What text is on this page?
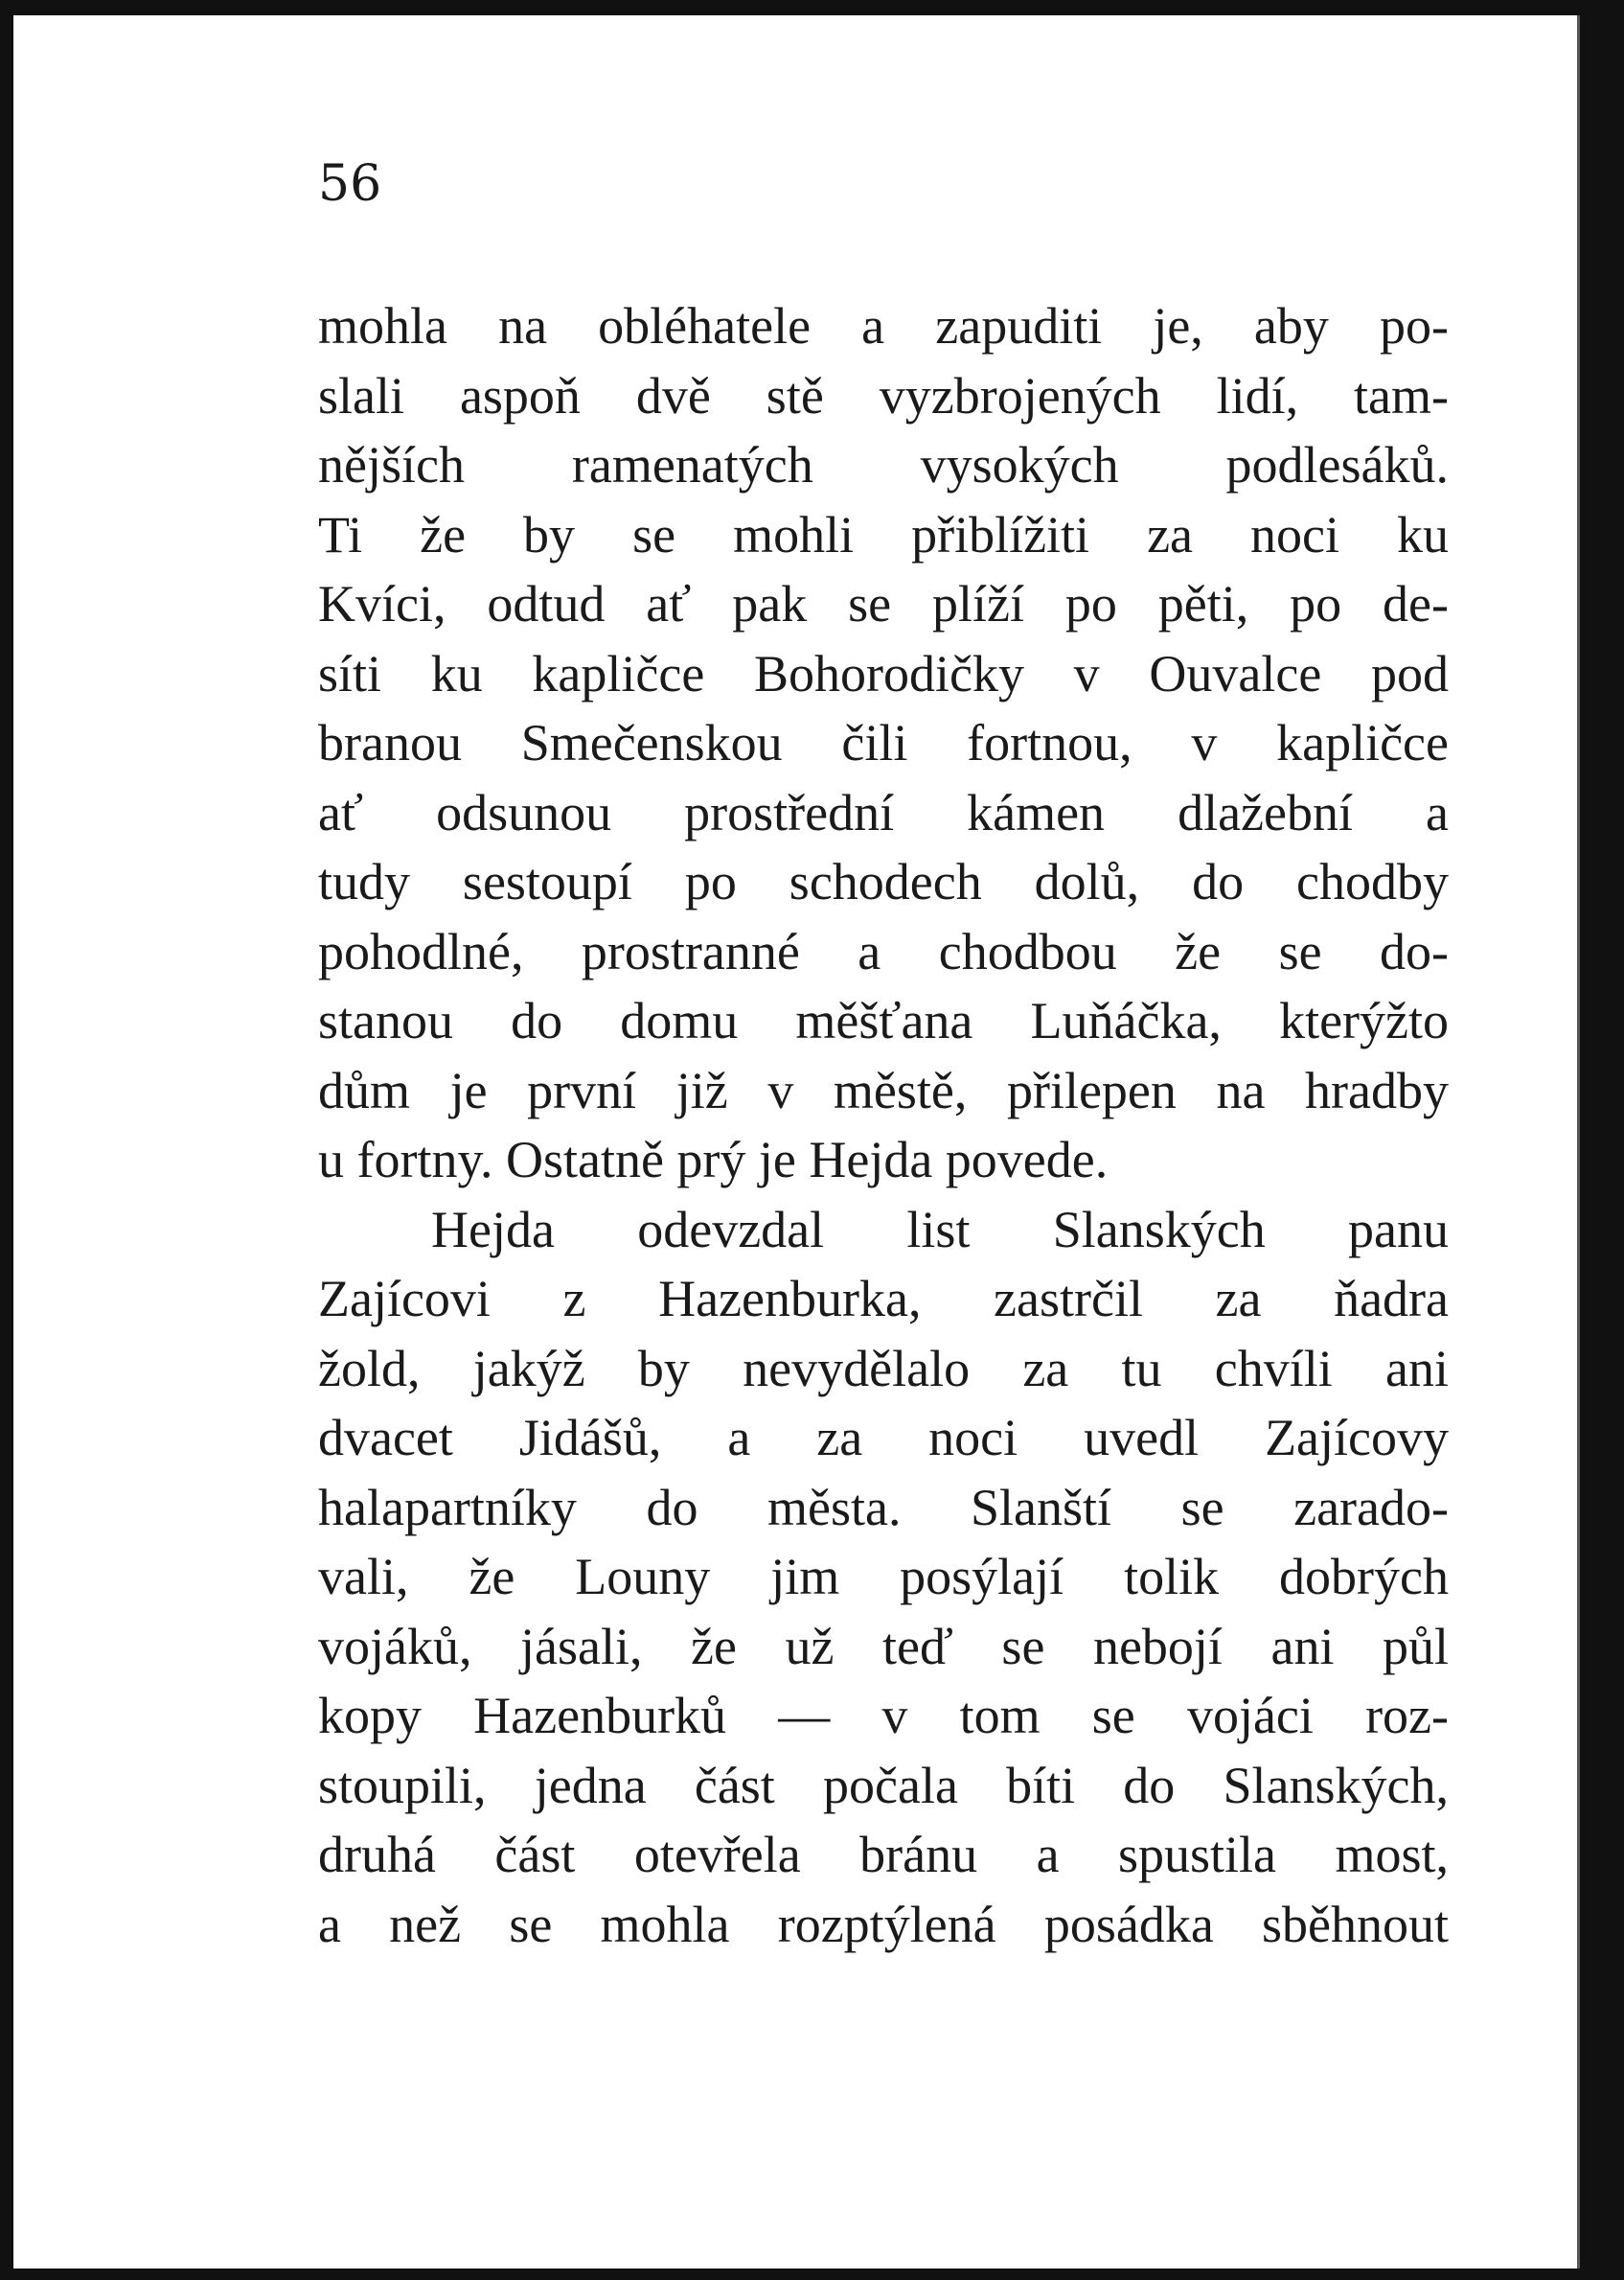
56
mohla na obléhatele a zapuditi je, aby po-
slali aspoň dvě stě vyzbrojených lidí, tam-
nějších ramenatých vysokých podlesáků.
Ti že by se mohli přiblížiti za noci ku
Kvíci, odtud ať pak se plíží po pěti, po de-
síti ku kapličce Bohorodičky v Ouvalce pod
branou Smečenskou čili fortnou, v kapličce
ať odsunou prostřední kámen dlažební a
tudy sestoupí po schodech dolů, do chodby
pohodlné, prostranné a chodbou že se do-
stanou do domu měšťana Luňáčka, kterýžto
dům je první již v městě, přilepen na hradby
u fortny. Ostatně prý je Hejda povede.
Hejda odevzdal list Slanských panu
Zajícovi z Hazenburka, zastrčil za ňadra
žold, jakýž by nevydělalo za tu chvíli ani
dvacet Jidášů, a za noci uvedl Zajícovy
halapartníky do města. Slanští se zarado-
vali, že Louny jim posýlají tolik dobrých
vojáků, jásali, že už teď se nebojí ani půl
kopy Hazenburků — v tom se vojáci roz-
stoupili, jedna část počala bíti do Slanských,
druhá část otevřela bránu a spustila most,
a než se mohla rozptýlená posádka sběhnout
